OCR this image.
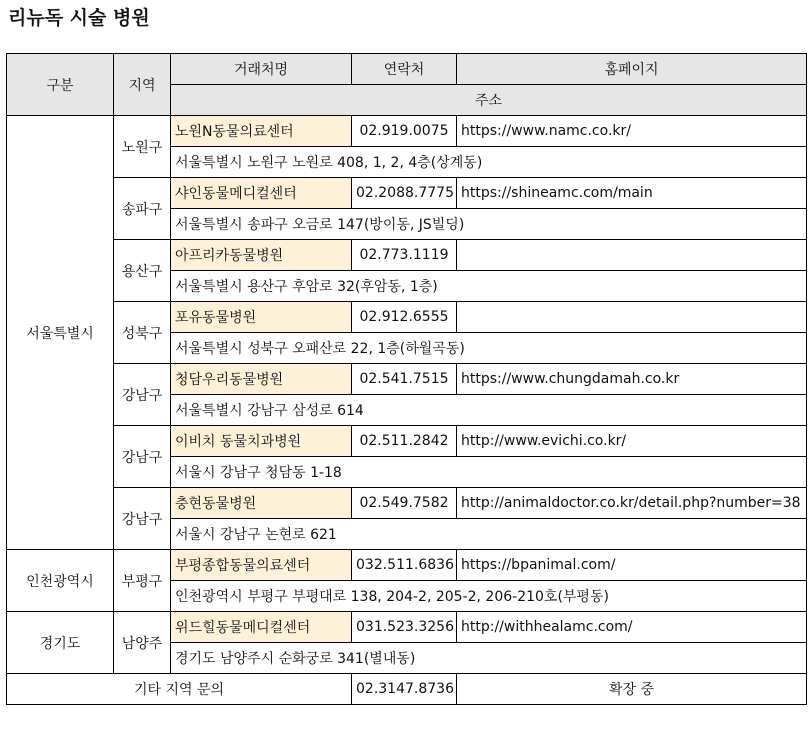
리뉴독 시술 병원
구분	지역	거래처명	연락처	홈페이지
		주소		
서울특별시	노원구	노원N동물의료센터	02.919.0075	https://www.namc.co.kr/
		서울특별시 노원구 노원로 408, 1, 2, 4층(상계동)		
	송파구	샤인동물메디컬센터	02.2088.7775	https://shineamc.com/main
		서울특별시 송파구 오금로 147(방이동, JS빌딩)		
	용산구	아프리카동물병원	02.773.1119	
		서울특별시 용산구 후암로 32(후암동, 1층)		
	성북구	포유동물병원	02.912.6555	
		서울특별시 성북구 오패산로 22, 1층(하월곡동)		
	강남구	청담우리동물병원	02.541.7515	https://www.chungdamah.co.kr
		서울특별시 강남구 삼성로 614		
	강남구	이비치 동물치과병원	02.511.2842	http://www.evichi.co.kr/
		서울시 강남구 청담동 1-18		
	강남구	충현동물병원	02.549.7582	http://animaldoctor.co.kr/detail.php?number=38
		서울시 강남구 논현로 621		
인천광역시	부평구	부평종합동물의료센터	032.511.6836	https://bpanimal.com/
		인천광역시 부평구 부평대로 138, 204-2, 205-2, 206-210호(부평동)		
경기도	남양주	위드힐동물메디컬센터	031.523.3256	http://withhealamc.com/
		경기도 남양주시 순화궁로 341(별내동)		
기타 지역 문의			02.3147.8736	확장 중
